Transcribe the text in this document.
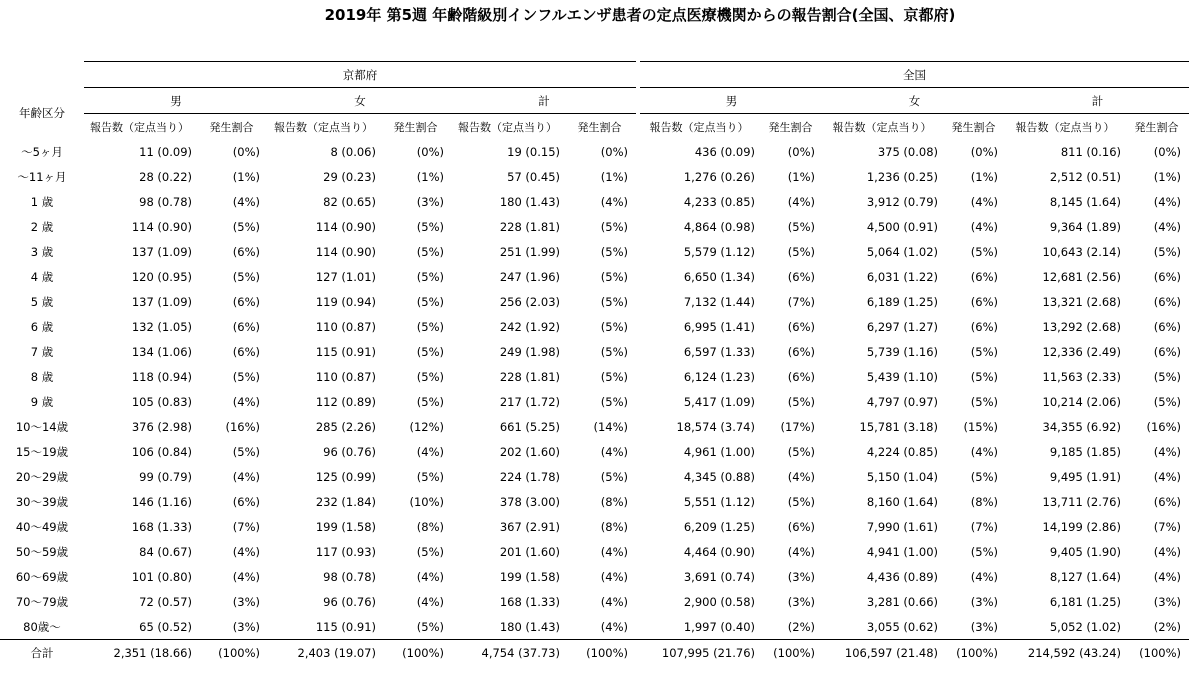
2019年 第5週 年齢階級別インフルエンザ患者の定点医療機関からの報告割合(全国、京都府)
	京都府							全国					
年齢区分	男		女		計			男		女		計	
	報告数（定点当り）	発生割合	報告数（定点当り）	発生割合	報告数（定点当り）	発生割合		報告数（定点当り）	発生割合	報告数（定点当り）	発生割合	報告数（定点当り）	発生割合
～5ヶ月	11 (0.09)	(0%)	8 (0.06)	(0%)	19 (0.15)	(0%)		436 (0.09)	(0%)	375 (0.08)	(0%)	811 (0.16)	(0%)
～11ヶ月	28 (0.22)	(1%)	29 (0.23)	(1%)	57 (0.45)	(1%)		1,276 (0.26)	(1%)	1,236 (0.25)	(1%)	2,512 (0.51)	(1%)
1 歳	98 (0.78)	(4%)	82 (0.65)	(3%)	180 (1.43)	(4%)		4,233 (0.85)	(4%)	3,912 (0.79)	(4%)	8,145 (1.64)	(4%)
2 歳	114 (0.90)	(5%)	114 (0.90)	(5%)	228 (1.81)	(5%)		4,864 (0.98)	(5%)	4,500 (0.91)	(4%)	9,364 (1.89)	(4%)
3 歳	137 (1.09)	(6%)	114 (0.90)	(5%)	251 (1.99)	(5%)		5,579 (1.12)	(5%)	5,064 (1.02)	(5%)	10,643 (2.14)	(5%)
4 歳	120 (0.95)	(5%)	127 (1.01)	(5%)	247 (1.96)	(5%)		6,650 (1.34)	(6%)	6,031 (1.22)	(6%)	12,681 (2.56)	(6%)
5 歳	137 (1.09)	(6%)	119 (0.94)	(5%)	256 (2.03)	(5%)		7,132 (1.44)	(7%)	6,189 (1.25)	(6%)	13,321 (2.68)	(6%)
6 歳	132 (1.05)	(6%)	110 (0.87)	(5%)	242 (1.92)	(5%)		6,995 (1.41)	(6%)	6,297 (1.27)	(6%)	13,292 (2.68)	(6%)
7 歳	134 (1.06)	(6%)	115 (0.91)	(5%)	249 (1.98)	(5%)		6,597 (1.33)	(6%)	5,739 (1.16)	(5%)	12,336 (2.49)	(6%)
8 歳	118 (0.94)	(5%)	110 (0.87)	(5%)	228 (1.81)	(5%)		6,124 (1.23)	(6%)	5,439 (1.10)	(5%)	11,563 (2.33)	(5%)
9 歳	105 (0.83)	(4%)	112 (0.89)	(5%)	217 (1.72)	(5%)		5,417 (1.09)	(5%)	4,797 (0.97)	(5%)	10,214 (2.06)	(5%)
10～14歳	376 (2.98)	(16%)	285 (2.26)	(12%)	661 (5.25)	(14%)		18,574 (3.74)	(17%)	15,781 (3.18)	(15%)	34,355 (6.92)	(16%)
15～19歳	106 (0.84)	(5%)	96 (0.76)	(4%)	202 (1.60)	(4%)		4,961 (1.00)	(5%)	4,224 (0.85)	(4%)	9,185 (1.85)	(4%)
20～29歳	99 (0.79)	(4%)	125 (0.99)	(5%)	224 (1.78)	(5%)		4,345 (0.88)	(4%)	5,150 (1.04)	(5%)	9,495 (1.91)	(4%)
30～39歳	146 (1.16)	(6%)	232 (1.84)	(10%)	378 (3.00)	(8%)		5,551 (1.12)	(5%)	8,160 (1.64)	(8%)	13,711 (2.76)	(6%)
40～49歳	168 (1.33)	(7%)	199 (1.58)	(8%)	367 (2.91)	(8%)		6,209 (1.25)	(6%)	7,990 (1.61)	(7%)	14,199 (2.86)	(7%)
50～59歳	84 (0.67)	(4%)	117 (0.93)	(5%)	201 (1.60)	(4%)		4,464 (0.90)	(4%)	4,941 (1.00)	(5%)	9,405 (1.90)	(4%)
60～69歳	101 (0.80)	(4%)	98 (0.78)	(4%)	199 (1.58)	(4%)		3,691 (0.74)	(3%)	4,436 (0.89)	(4%)	8,127 (1.64)	(4%)
70～79歳	72 (0.57)	(3%)	96 (0.76)	(4%)	168 (1.33)	(4%)		2,900 (0.58)	(3%)	3,281 (0.66)	(3%)	6,181 (1.25)	(3%)
80歳～	65 (0.52)	(3%)	115 (0.91)	(5%)	180 (1.43)	(4%)		1,997 (0.40)	(2%)	3,055 (0.62)	(3%)	5,052 (1.02)	(2%)
合計	2,351 (18.66)	(100%)	2,403 (19.07)	(100%)	4,754 (37.73)	(100%)		107,995 (21.76)	(100%)	106,597 (21.48)	(100%)	214,592 (43.24)	(100%)
